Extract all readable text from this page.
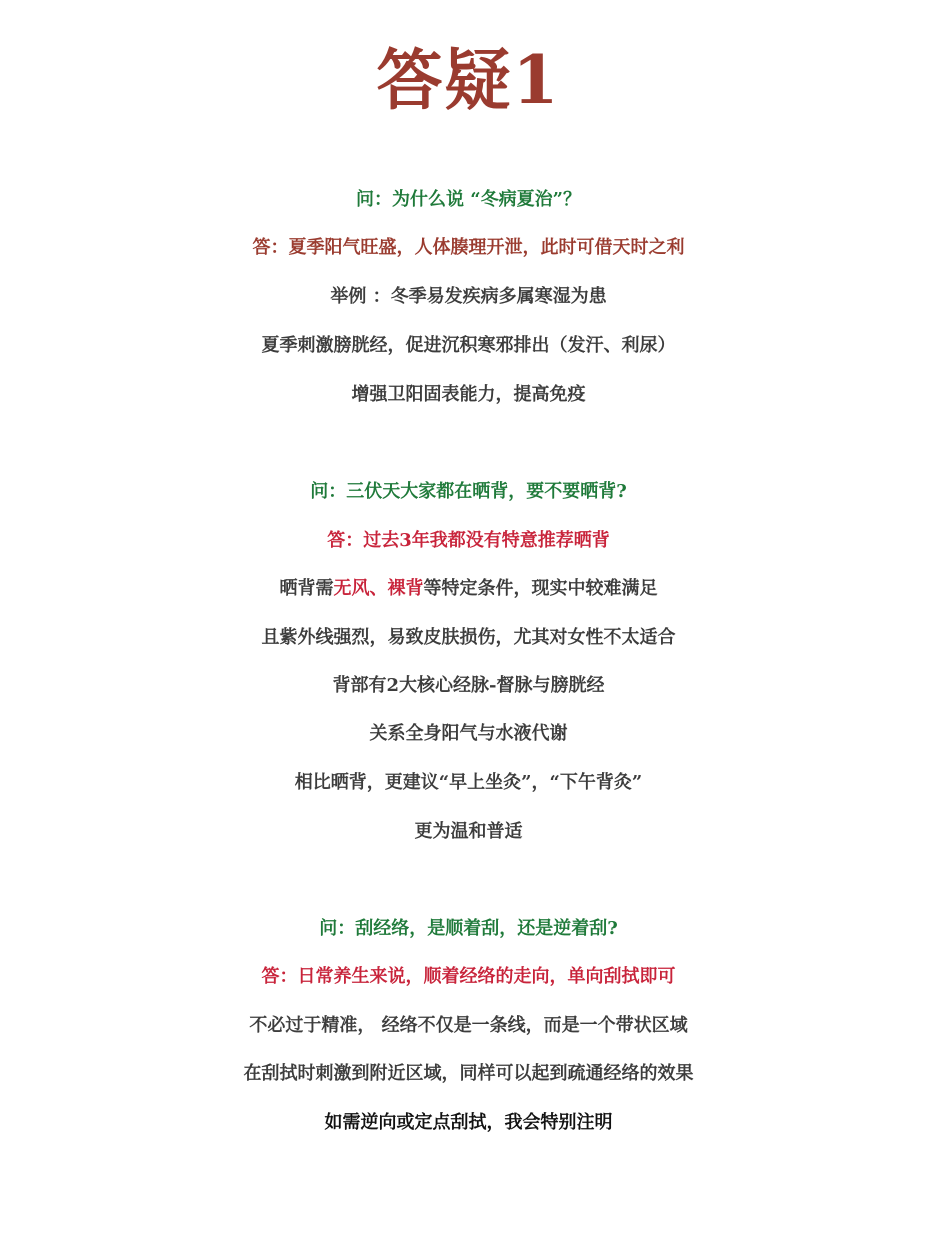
答疑1
问：为什么说 “冬病夏治”？
答：夏季阳气旺盛，人体腠理开泄，此时可借天时之利
举例 ：冬季易发疾病多属寒湿为患
夏季刺激膀胱经，促进沉积寒邪排出（发汗、利尿）
增强卫阳固表能力，提高免疫
问：三伏天大家都在晒背，要不要晒背?
答：过去3年我都没有特意推荐晒背
晒背需无风、裸背等特定条件，现实中较难满足
且紫外线强烈，易致皮肤损伤，尤其对女性不太适合
背部有2大核心经脉-督脉与膀胱经
关系全身阳气与水液代谢
相比晒背，更建议“早上坐灸”，“下午背灸”
更为温和普适
问：刮经络，是顺着刮，还是逆着刮?
答：日常养生来说，顺着经络的走向，单向刮拭即可
不必过于精准， 经络不仅是一条线，而是一个带状区域
在刮拭时刺激到附近区域，同样可以起到疏通经络的效果
如需逆向或定点刮拭，我会特别注明
